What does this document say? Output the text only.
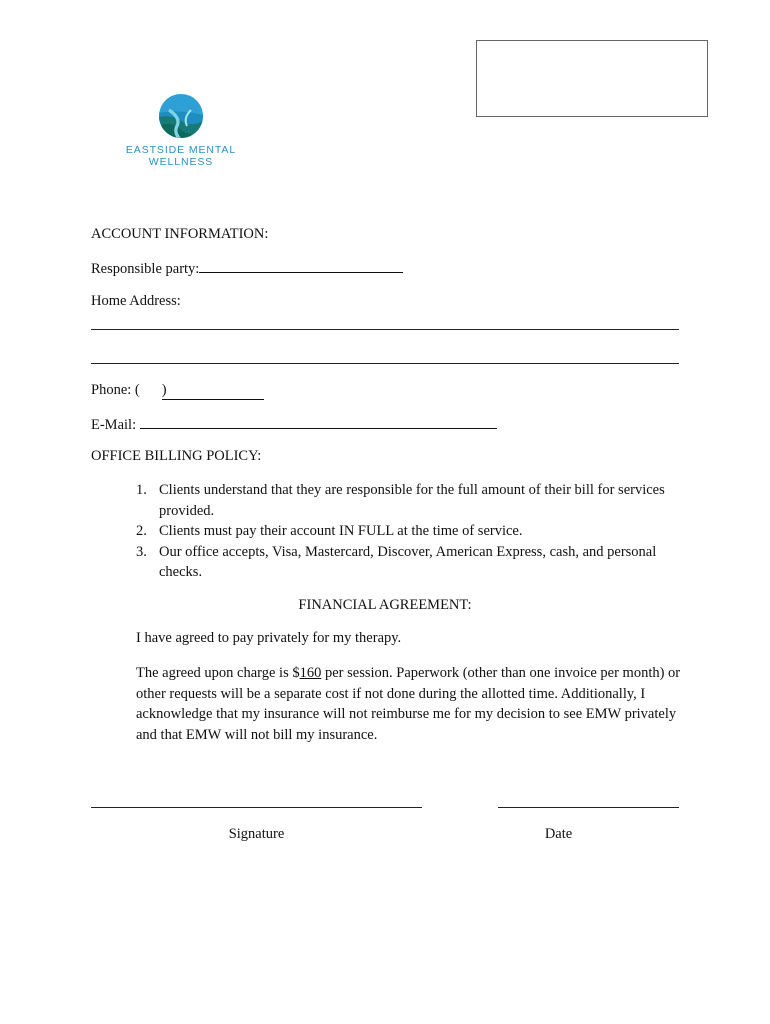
EASTSIDE MENTAL
WELLNESS
ACCOUNT INFORMATION:
Responsible party:
Home Address:
Phone: ( )
E-Mail:
OFFICE BILLING POLICY:
1. Clients understand that they are responsible for the full amount of their bill for services provided.
2. Clients must pay their account IN FULL at the time of service.
3. Our office accepts, Visa, Mastercard, Discover, American Express, cash, and personal checks.
FINANCIAL AGREEMENT:
I have agreed to pay privately for my therapy.
The agreed upon charge is $160 per session. Paperwork (other than one invoice per month) or other requests will be a separate cost if not done during the allotted time. Additionally, I acknowledge that my insurance will not reimburse me for my decision to see EMW privately and that EMW will not bill my insurance.
Signature	Date
